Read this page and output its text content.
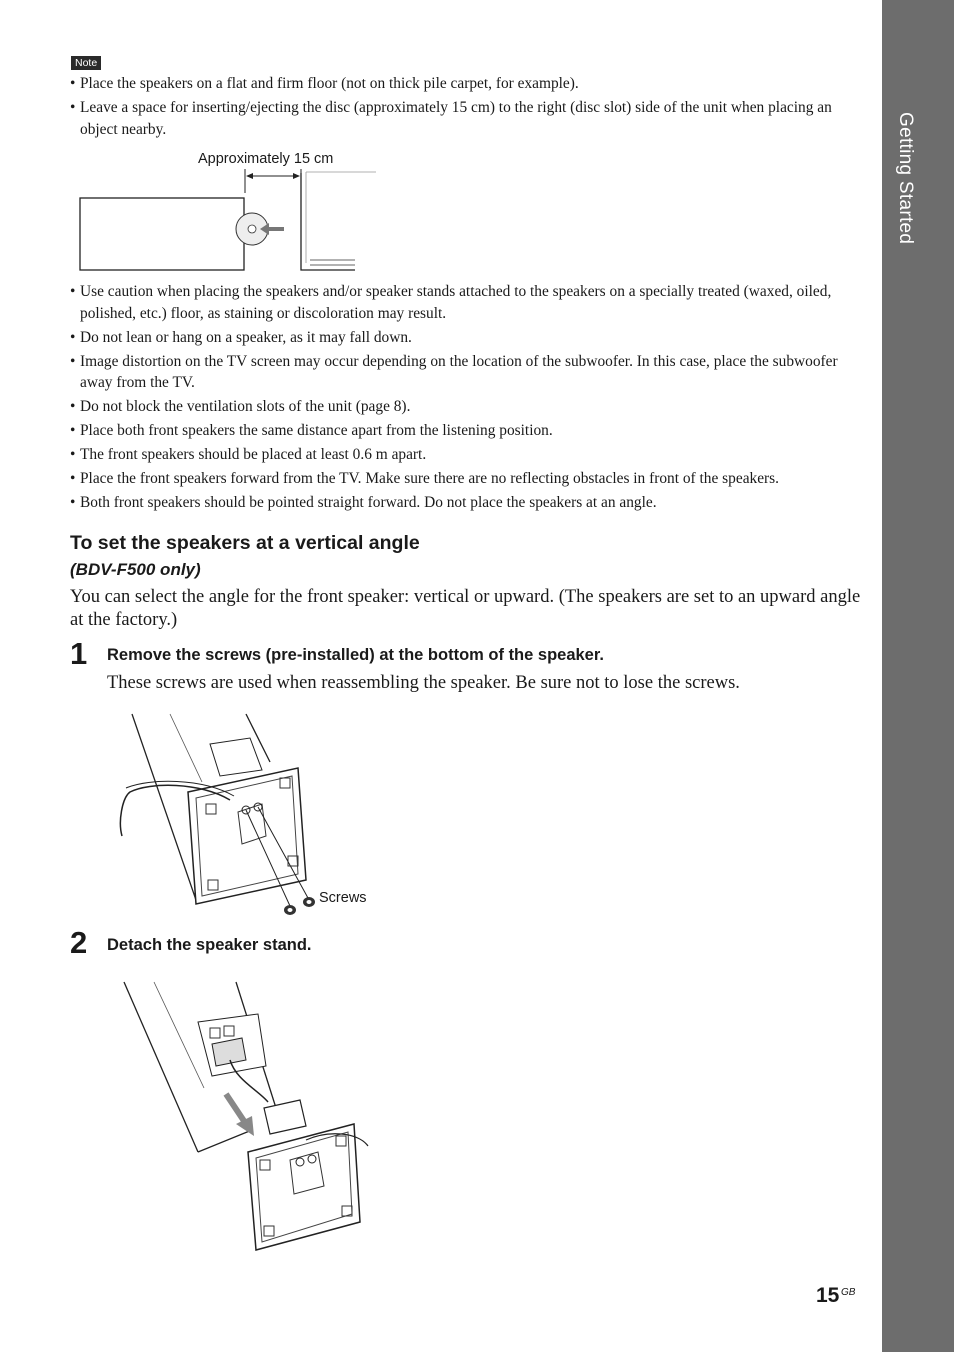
Getting Started
Note
• Place the speakers on a flat and firm floor (not on thick pile carpet, for example).
• Leave a space for inserting/ejecting the disc (approximately 15 cm) to the right (disc slot) side of the unit when placing an object nearby.
Approximately 15 cm
• Use caution when placing the speakers and/or speaker stands attached to the speakers on a specially treated (waxed, oiled, polished, etc.) floor, as staining or discoloration may result.
• Do not lean or hang on a speaker, as it may fall down.
• Image distortion on the TV screen may occur depending on the location of the subwoofer. In this case, place the subwoofer away from the TV.
• Do not block the ventilation slots of the unit (page 8).
• Place both front speakers the same distance apart from the listening position.
• The front speakers should be placed at least 0.6 m apart.
• Place the front speakers forward from the TV. Make sure there are no reflecting obstacles in front of the speakers.
• Both front speakers should be pointed straight forward. Do not place the speakers at an angle.
To set the speakers at a vertical angle

(BDV-F500 only)

You can select the angle for the front speaker: vertical or upward. (The speakers are set to an upward angle at the factory.)

1 Remove the screws (pre-installed) at the bottom of the speaker.

These screws are used when reassembling the speaker. Be sure not to lose the screws.

Screws
2 Detach the speaker stand.

15 GB
